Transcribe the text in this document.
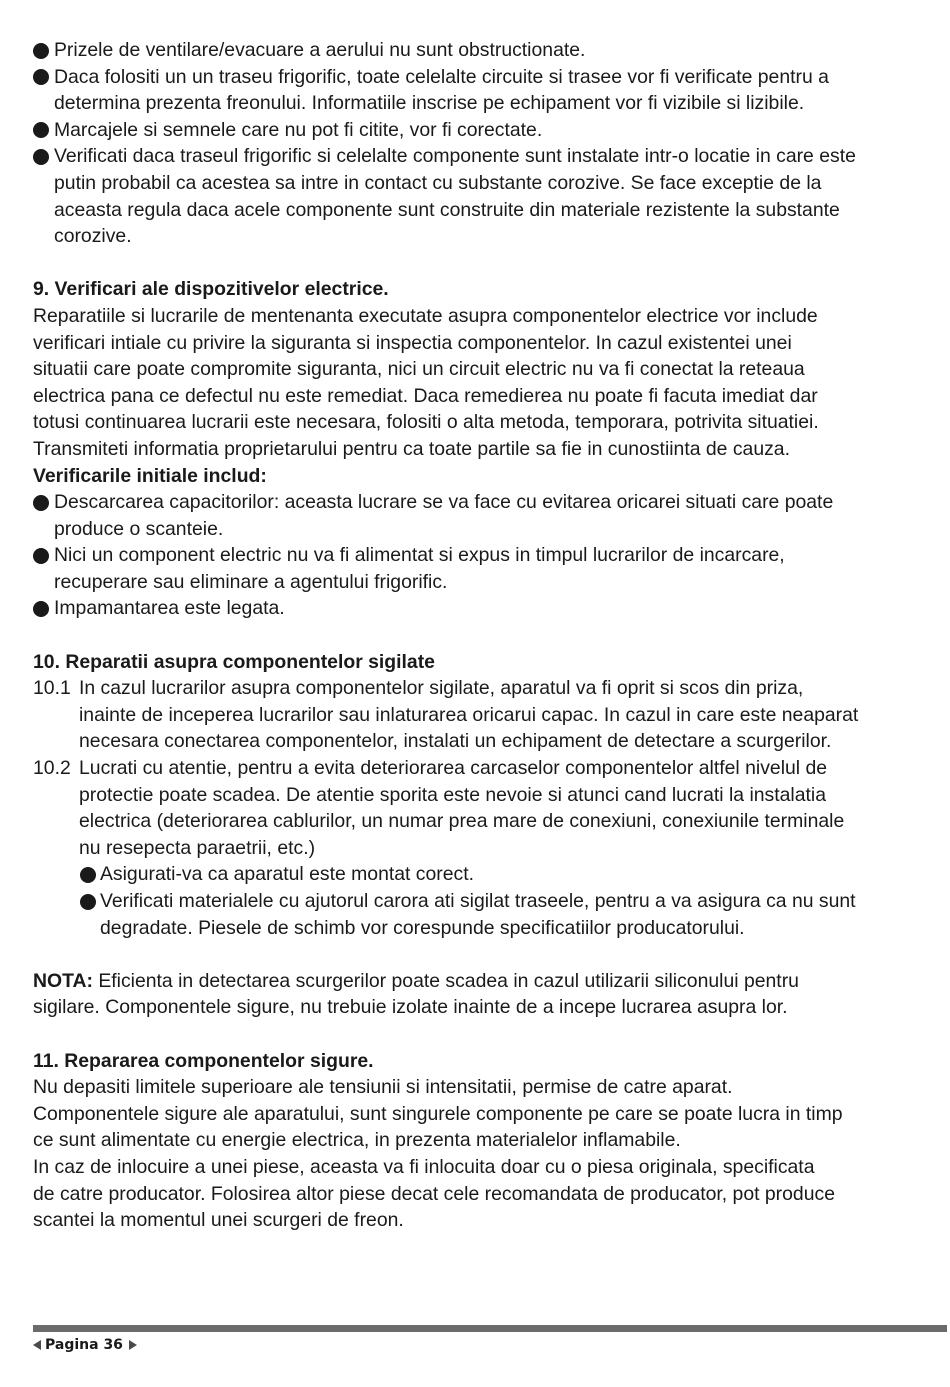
Prizele de ventilare/evacuare a aerului nu sunt obstructionate.
Daca folositi un un traseu frigorific, toate celelalte circuite si trasee vor fi verificate pentru a
determina prezenta freonului. Informatiile inscrise pe echipament vor fi vizibile si lizibile.
Marcajele si semnele care nu pot fi citite, vor fi corectate.
Verificati daca traseul frigorific si celelalte componente sunt instalate intr-o locatie in care este
putin probabil ca acestea sa intre in contact cu substante corozive. Se face exceptie de la
aceasta regula daca acele componente sunt construite din materiale rezistente la substante
corozive.
9. Verificari ale dispozitivelor electrice.
Reparatiile si lucrarile de mentenanta executate asupra componentelor electrice vor include
verificari intiale cu privire la siguranta si inspectia componentelor. In cazul existentei unei
situatii care poate compromite siguranta, nici un circuit electric nu va fi conectat la reteaua
electrica pana ce defectul nu este remediat. Daca remedierea nu poate fi facuta imediat dar
totusi continuarea lucrarii este necesara, folositi o alta metoda, temporara, potrivita situatiei.
Transmiteti informatia proprietarului pentru ca toate partile sa fie in cunostiinta de cauza.
Verificarile initiale includ:
Descarcarea capacitorilor: aceasta lucrare se va face cu evitarea oricarei situati care poate
produce o scanteie.
Nici un component electric nu va fi alimentat si expus in timpul lucrarilor de incarcare,
recuperare sau eliminare a agentului frigorific.
Impamantarea este legata.
10. Reparatii asupra componentelor sigilate
10.1 In cazul lucrarilor asupra componentelor sigilate, aparatul va fi oprit si scos din priza,
inainte de inceperea lucrarilor sau inlaturarea oricarui capac. In cazul in care este neaparat
necesara conectarea componentelor, instalati un echipament de detectare a scurgerilor.
10.2 Lucrati cu atentie, pentru a evita deteriorarea carcaselor componentelor altfel nivelul de
protectie poate scadea. De atentie sporita este nevoie si atunci cand lucrati la instalatia
electrica (deteriorarea cablurilor, un numar prea mare de conexiuni, conexiunile terminale
nu resepecta paraetrii, etc.)
Asigurati-va ca aparatul este montat corect.
Verificati materialele cu ajutorul carora ati sigilat traseele, pentru a va asigura ca nu sunt
degradate. Piesele de schimb vor corespunde specificatiilor producatorului.
NOTA: Eficienta in detectarea scurgerilor poate scadea in cazul utilizarii siliconului pentru
sigilare. Componentele sigure, nu trebuie izolate inainte de a incepe lucrarea asupra lor.
11. Repararea componentelor sigure.
Nu depasiti limitele superioare ale tensiunii si intensitatii, permise de catre aparat.
Componentele sigure ale aparatului, sunt singurele componente pe care se poate lucra in timp
ce sunt alimentate cu energie electrica, in prezenta materialelor inflamabile.
In caz de inlocuire a unei piese, aceasta va fi inlocuita doar cu o piesa originala, specificata
de catre producator. Folosirea altor piese decat cele recomandata de producator, pot produce
scantei la momentul unei scurgeri de freon.
Pagina 36
